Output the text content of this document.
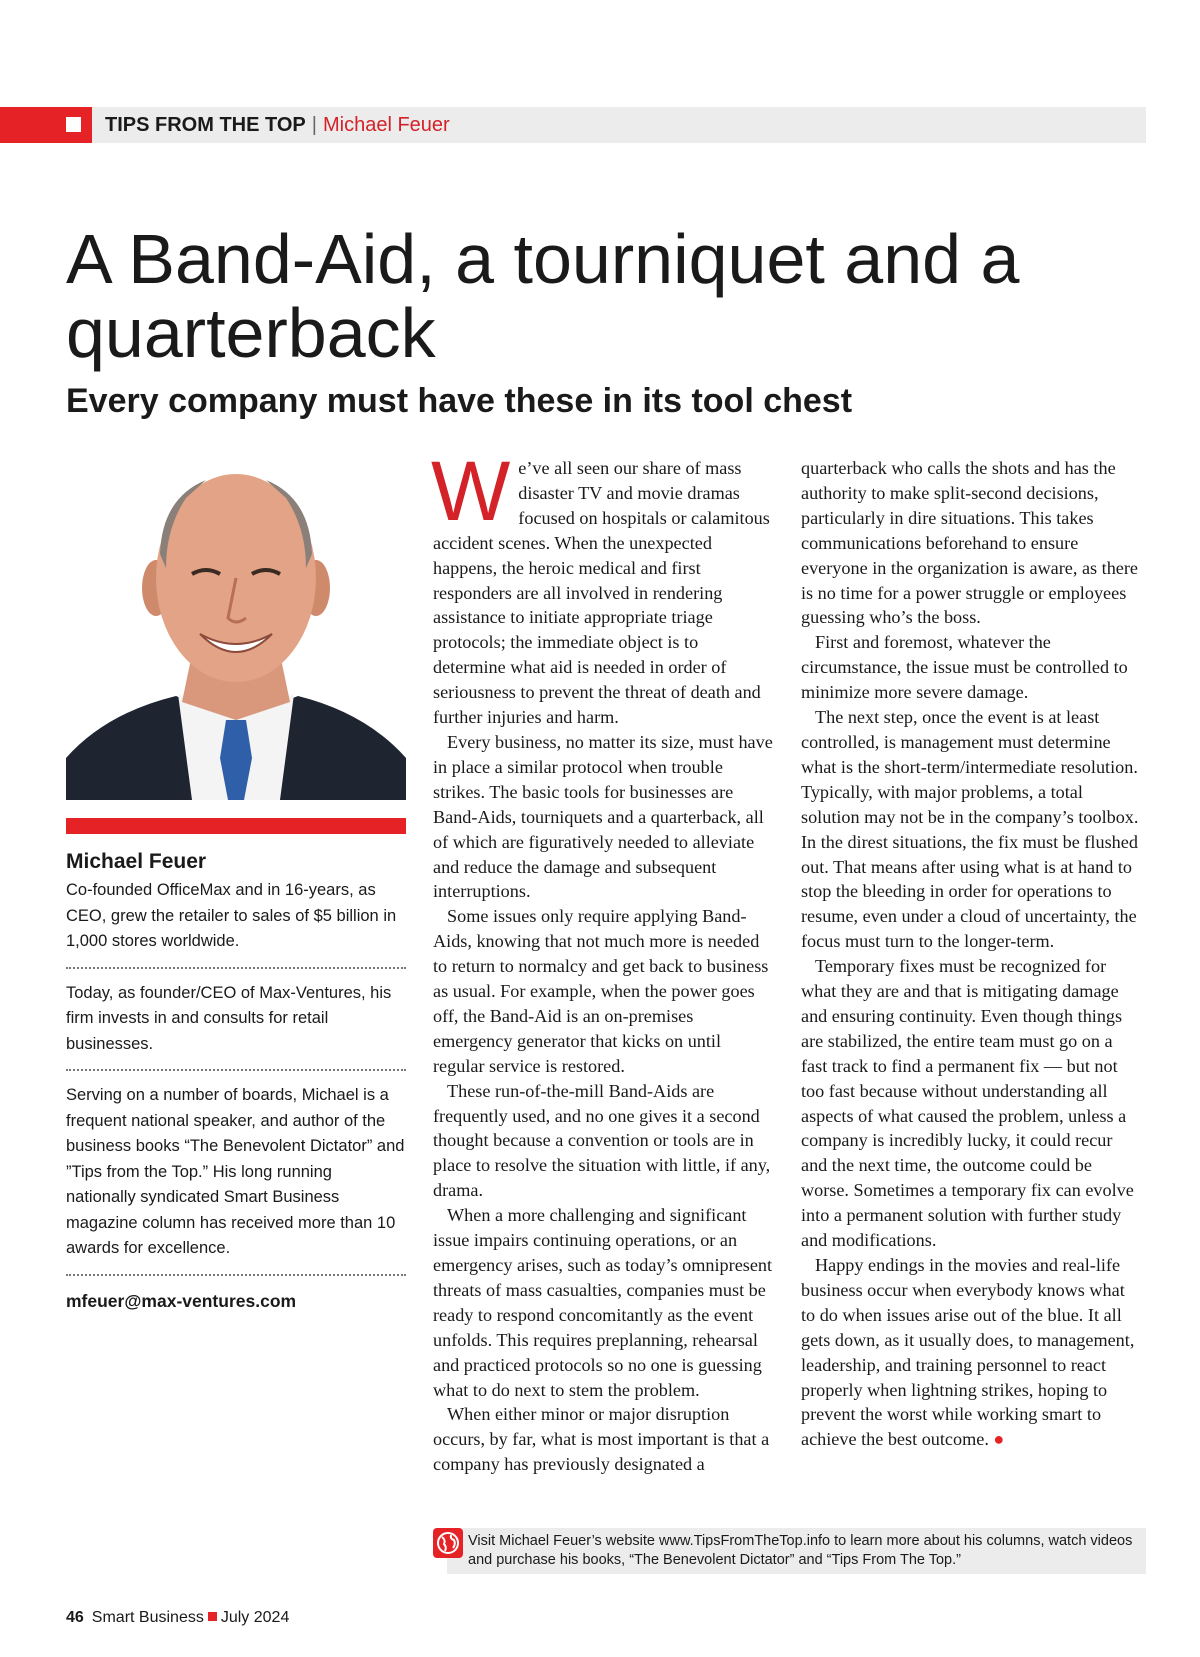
TIPS FROM THE TOP | Michael Feuer
A Band-Aid, a tourniquet and a quarterback
Every company must have these in its tool chest

Michael Feuer

Co-founded OfficeMax and in 16-years, as CEO, grew the retailer to sales of $5 billion in 1,000 stores worldwide.

Today, as founder/CEO of Max-Ventures, his firm invests in and consults for retail businesses.

Serving on a number of boards, Michael is a frequent national speaker, and author of the business books “The Benevolent Dictator” and ”Tips from the Top.” His long running nationally syndicated Smart Business magazine column has received more than 10 awards for excellence.

mfeuer@max-ventures.com

We’ve all seen our share of mass disaster TV and movie dramas focused on hospitals or calamitous accident scenes. When the unexpected happens, the heroic medical and first responders are all involved in rendering assistance to initiate appropriate triage protocols; the immediate object is to determine what aid is needed in order of seriousness to prevent the threat of death and further injuries and harm.

Every business, no matter its size, must have in place a similar protocol when trouble strikes. The basic tools for businesses are Band-Aids, tourniquets and a quarterback, all of which are figuratively needed to alleviate and reduce the damage and subsequent interruptions.

Some issues only require applying Band-Aids, knowing that not much more is needed to return to normalcy and get back to business as usual. For example, when the power goes off, the Band-Aid is an on-premises emergency generator that kicks on until regular service is restored.

These run-of-the-mill Band-Aids are frequently used, and no one gives it a second thought because a convention or tools are in place to resolve the situation with little, if any, drama.

When a more challenging and significant issue impairs continuing operations, or an emergency arises, such as today’s omnipresent threats of mass casualties, companies must be ready to respond concomitantly as the event unfolds. This requires preplanning, rehearsal and practiced protocols so no one is guessing what to do next to stem the problem.

When either minor or major disruption occurs, by far, what is most important is that a company has previously designated a

quarterback who calls the shots and has the authority to make split-second decisions, particularly in dire situations. This takes communications beforehand to ensure everyone in the organization is aware, as there is no time for a power struggle or employees guessing who’s the boss.

First and foremost, whatever the circumstance, the issue must be controlled to minimize more severe damage.

The next step, once the event is at least controlled, is management must determine what is the short-term/intermediate resolution. Typically, with major problems, a total solution may not be in the company’s toolbox. In the direst situations, the fix must be flushed out. That means after using what is at hand to stop the bleeding in order for operations to resume, even under a cloud of uncertainty, the focus must turn to the longer-term.

Temporary fixes must be recognized for what they are and that is mitigating damage and ensuring continuity. Even though things are stabilized, the entire team must go on a fast track to find a permanent fix — but not too fast because without understanding all aspects of what caused the problem, unless a company is incredibly lucky, it could recur and the next time, the outcome could be worse. Sometimes a temporary fix can evolve into a permanent solution with further study and modifications.

Happy endings in the movies and real-life business occur when everybody knows what to do when issues arise out of the blue. It all gets down, as it usually does, to management, leadership, and training personnel to react properly when lightning strikes, hoping to prevent the worst while working smart to achieve the best outcome. ●

Visit Michael Feuer’s website www.TipsFromTheTop.info to learn more about his columns, watch videos and purchase his books, “The Benevolent Dictator” and “Tips From The Top.”

46 Smart Business July 2024
